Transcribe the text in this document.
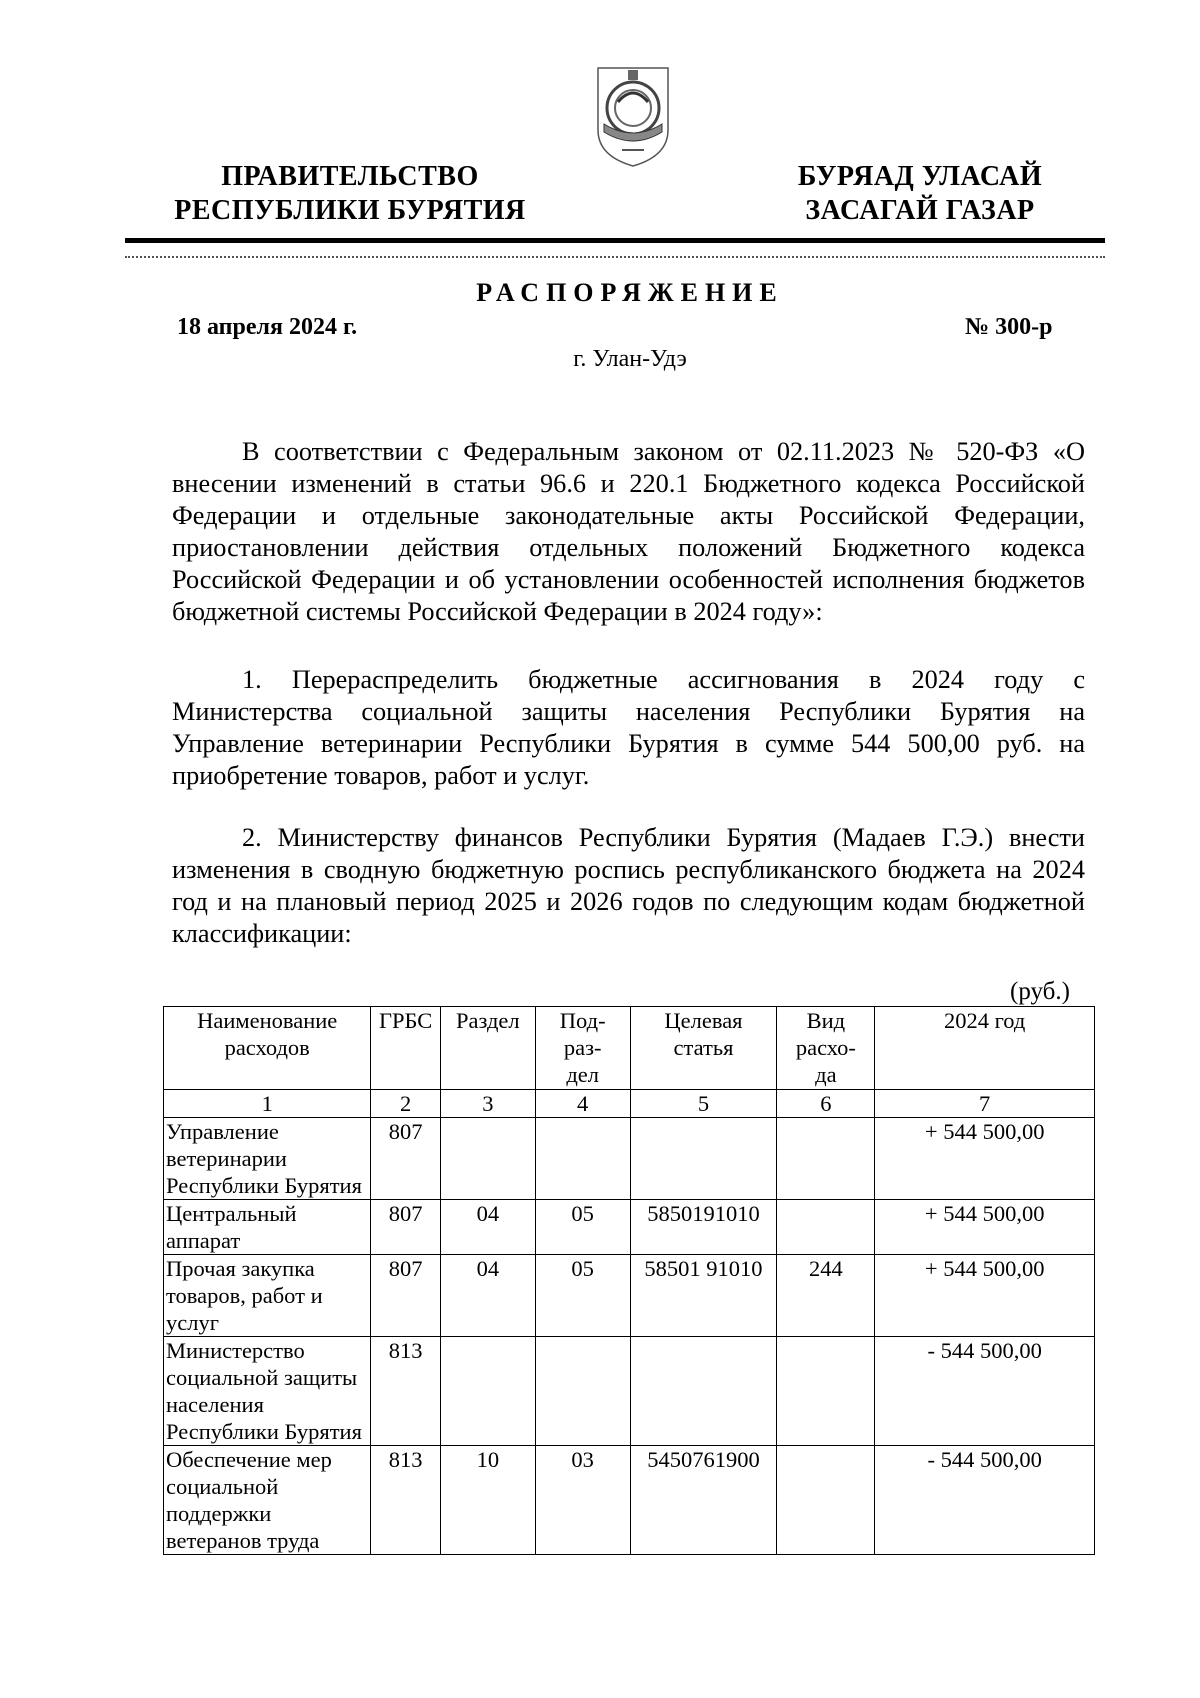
ПРАВИТЕЛЬСТВО
РЕСПУБЛИКИ БУРЯТИЯ
БУРЯАД УЛАСАЙ
ЗАСАГАЙ ГАЗАР
РАСПОРЯЖЕНИЕ
18 апреля 2024 г.	№ 300-р
г. Улан-Удэ

В соответствии с Федеральным законом от 02.11.2023 № 520-ФЗ «О внесении изменений в статьи 96.6 и 220.1 Бюджетного кодекса Российской Федерации и отдельные законодательные акты Российской Федерации, приостановлении действия отдельных положений Бюджетного кодекса Российской Федерации и об установлении особенностей исполнения бюджетов бюджетной системы Российской Федерации в 2024 году»:

1. Перераспределить бюджетные ассигнования в 2024 году с Министерства социальной защиты населения Республики Бурятия на Управление ветеринарии Республики Бурятия в сумме 544 500,00 руб. на приобретение товаров, работ и услуг.

2. Министерству финансов Республики Бурятия (Мадаев Г.Э.) внести изменения в сводную бюджетную роспись республиканского бюджета на 2024 год и на плановый период 2025 и 2026 годов по следующим кодам бюджетной классификации:

(руб.)
Наименование расходов	ГРБС	Раздел	Под-раз-дел	Целевая статья	Вид расхо-да	2024 год
1	2	3	4	5	6	7
Управление ветеринарии Республики Бурятия	807					+ 544 500,00
Центральный аппарат	807	04	05	5850191010		+ 544 500,00
Прочая закупка товаров, работ и услуг	807	04	05	58501 91010	244	+ 544 500,00
Министерство социальной защиты населения Республики Бурятия	813					- 544 500,00
Обеспечение мер социальной поддержки ветеранов труда	813	10	03	5450761900		- 544 500,00
